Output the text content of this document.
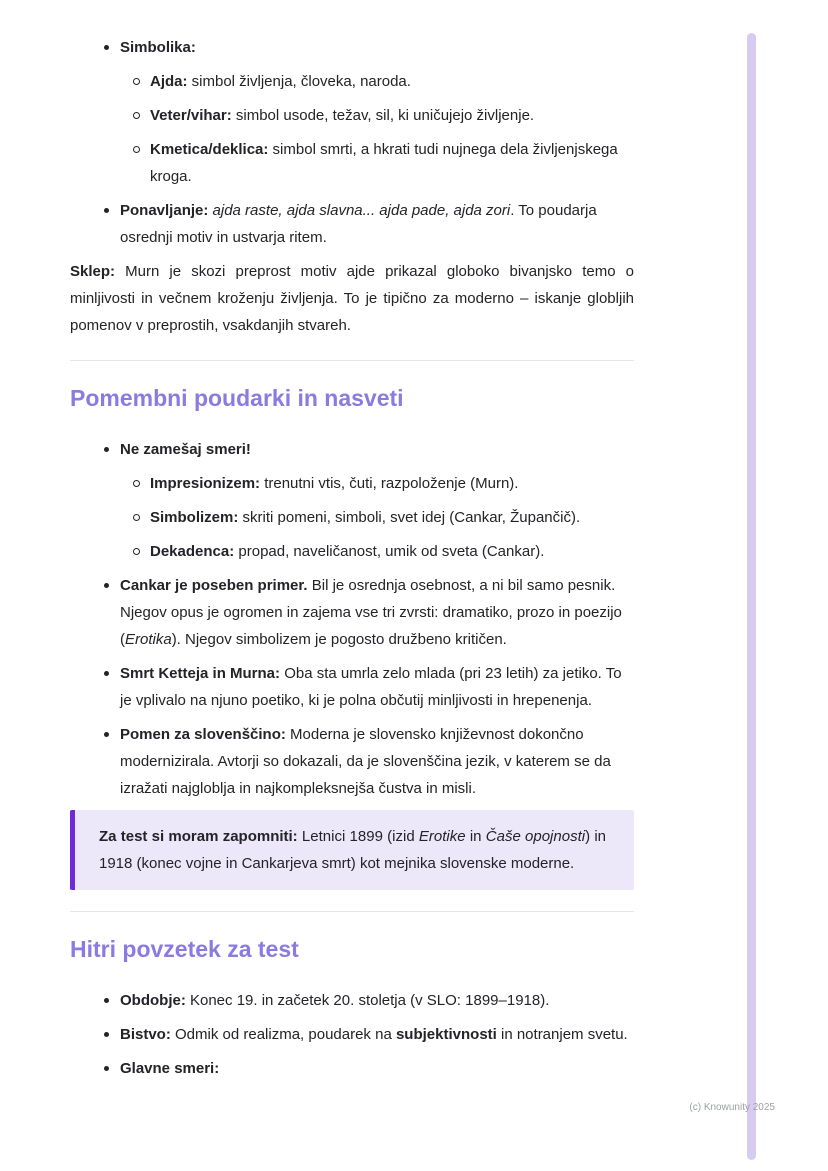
Simbolika:
Ajda: simbol življenja, človeka, naroda.
Veter/vihar: simbol usode, težav, sil, ki uničujejo življenje.
Kmetica/deklica: simbol smrti, a hkrati tudi nujnega dela življenjskega kroga.
Ponavljanje: ajda raste, ajda slavna... ajda pade, ajda zori. To poudarja osrednji motiv in ustvarja ritem.

Sklep: Murn je skozi preprost motiv ajde prikazal globoko bivanjsko temo o minljivosti in večnem kroženju življenja. To je tipično za moderno – iskanje globljih pomenov v preprostih, vsakdanjih stvareh.

Pomembni poudarki in nasveti
Ne zamešaj smeri!
Impresionizem: trenutni vtis, čuti, razpoloženje (Murn).
Simbolizem: skriti pomeni, simboli, svet idej (Cankar, Župančič).
Dekadenca: propad, naveličanost, umik od sveta (Cankar).
Cankar je poseben primer. Bil je osrednja osebnost, a ni bil samo pesnik. Njegov opus je ogromen in zajema vse tri zvrsti: dramatiko, prozo in poezijo (Erotika). Njegov simbolizem je pogosto družbeno kritičen.
Smrt Ketteja in Murna: Oba sta umrla zelo mlada (pri 23 letih) za jetiko. To je vplivalo na njuno poetiko, ki je polna občutij minljivosti in hrepenenja.
Pomen za slovenščino: Moderna je slovensko književnost dokončno modernizirala. Avtorji so dokazali, da je slovenščina jezik, v katerem se da izražati najgloblja in najkompleksnejša čustva in misli.

Za test si moram zapomniti: Letnici 1899 (izid Erotike in Čaše opojnosti) in 1918 (konec vojne in Cankarjeva smrt) kot mejnika slovenske moderne.

Hitri povzetek za test
Obdobje: Konec 19. in začetek 20. stoletja (v SLO: 1899–1918).
Bistvo: Odmik od realizma, poudarek na subjektivnosti in notranjem svetu.
Glavne smeri:
(c) Knowunity 2025
